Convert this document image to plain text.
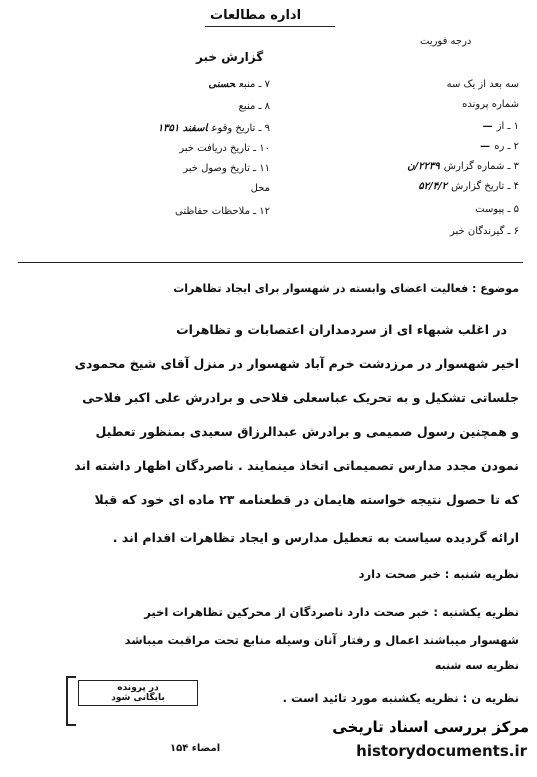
اداره مطالعات
درجه فوریت
گزارش خبر
سه بعد از یک سه
شماره پرونده
۱ ـ از—
۲ ـ ره—
۳ ـ شماره گزارش۲۲۳۹/ن
۴ ـ تاریخ گزارش۵۲/۴/۲
۵ ـ پیوست
۶ ـ گیرندگان خبر
۷ ـ منبعحسنی
۸ ـ منبع
۹ ـ تاریخ وقوعاسفند ۱۳۵۱
۱۰ ـ تاریخ دریافت خبر
۱۱ ـ تاریخ وصول خبر
محل
۱۲ ـ ملاحظات حفاظتی
موضوع : فعالیت اعضای وابسته در شهسوار برای ایجاد تظاهرات
در اغلب شبهاء ای از سردمداران اعتصابات و تظاهرات
اخیر شهسوار در مرزدشت خرم آباد شهسوار در منزل آقای شیخ محمودی
جلساتی تشکیل و به تحریک عباسعلی فلاحی و برادرش علی اکبر فلاحی
و همچنین رسول صمیمی و برادرش عبدالرزاق سعیدی بمنظور تعطیل
نمودن مجدد مدارس تصمیماتی اتخاذ مینمایند . ناصردگان اظهار داشته اند
که تا حصول نتیجه خواسته هایمان در قطعنامه ۲۳ ماده ای خود که قبلا
ارائه گردیده سیاست به تعطیل مدارس و ایجاد تظاهرات اقدام اند .
نظریه شنبه : خبر صحت دارد
نظریه یکشنبه : خبر صحت دارد ناصردگان از محرکین تظاهرات اخیر
شهسوار میباشند اعمال و رفتار آنان وسیله منابع تحت مراقبت میباشد
نظریه سه شنبه
نظریه ن : نظریه یکشنبه مورد تائید است .
در پرونده
بایگانی شود
امضاء ۱۵۴
مرکز بررسی اسناد تاریخی
historydocuments.ir
